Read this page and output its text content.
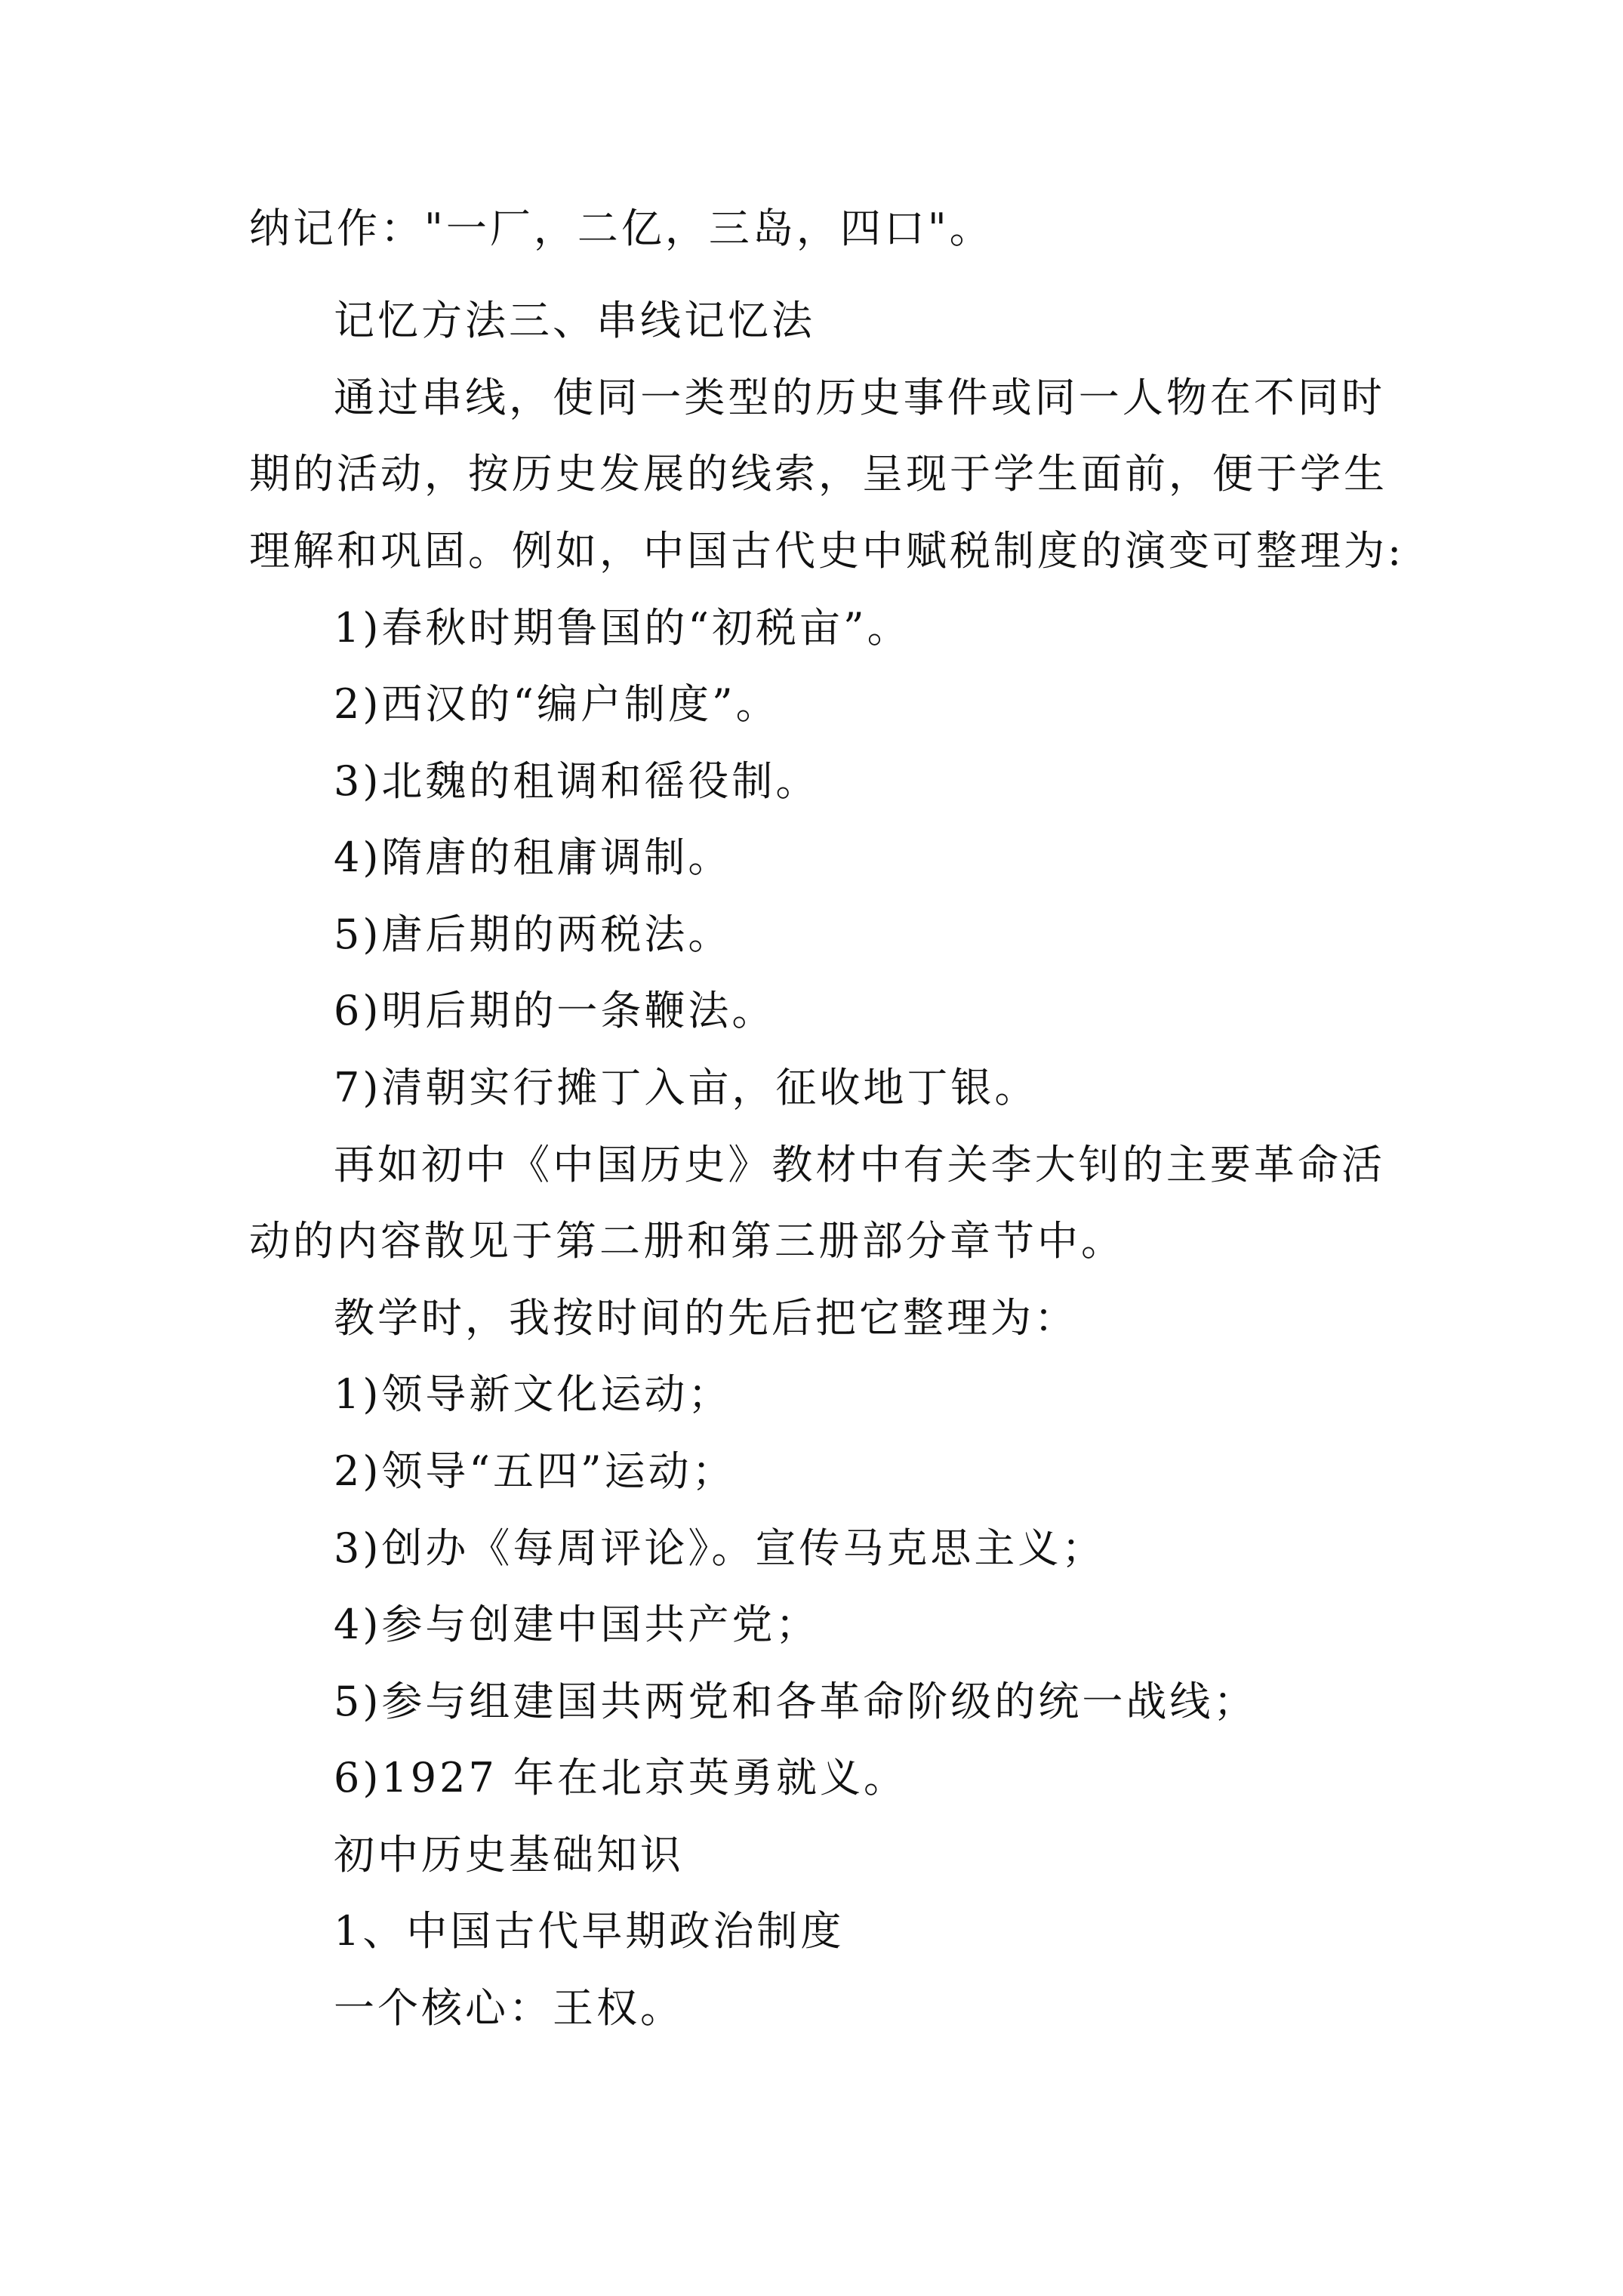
纳记作："一厂，二亿，三岛，四口"。

记忆方法三、串线记忆法

通过串线，使同一类型的历史事件或同一人物在不同时

期的活动，按历史发展的线索，呈现于学生面前，便于学生

理解和巩固。例如，中国古代史中赋税制度的演变可整理为:

1)春秋时期鲁国的“初税亩”。

2)西汉的“编户制度”。

3)北魏的租调和徭役制。

4)隋唐的租庸调制。

5)唐后期的两税法。

6)明后期的一条鞭法。

7)清朝实行摊丁入亩，征收地丁银。

再如初中《中国历史》教材中有关李大钊的主要革命活

动的内容散见于第二册和第三册部分章节中。

教学时，我按时间的先后把它整理为：

1)领导新文化运动；

2)领导“五四”运动；

3)创办《每周评论》。宣传马克思主义；

4)参与创建中国共产党；

5)参与组建国共两党和各革命阶级的统一战线；

6)1927 年在北京英勇就义。

初中历史基础知识

1、中国古代早期政治制度

一个核心：王权。
